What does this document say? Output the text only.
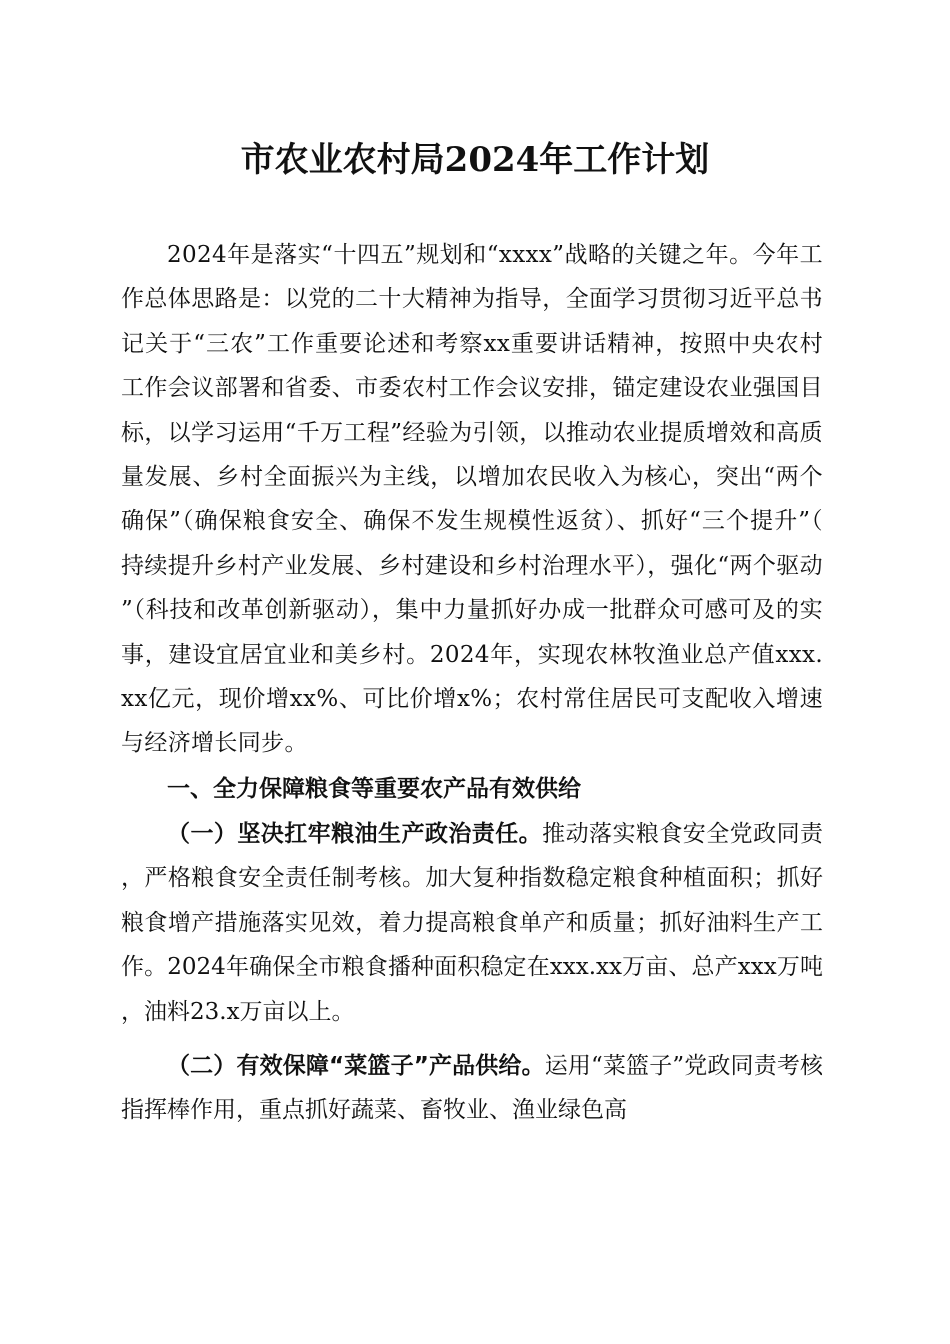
市农业农村局2024年工作计划

2024年是落实“十四五”规划和“xxxx”战略的关键之年。今年工作总体思路是：以党的二十大精神为指导，全面学习贯彻习近平总书记关于“三农”工作重要论述和考察xx重要讲话精神，按照中央农村工作会议部署和省委、市委农村工作会议安排，锚定建设农业强国目标，以学习运用“千万工程”经验为引领，以推动农业提质增效和高质量发展、乡村全面振兴为主线，以增加农民收入为核心，突出“两个确保”（确保粮食安全、确保不发生规模性返贫）、抓好“三个提升”（持续提升乡村产业发展、乡村建设和乡村治理水平），强化“两个驱动”（科技和改革创新驱动），集中力量抓好办成一批群众可感可及的实事，建设宜居宜业和美乡村。2024年，实现农林牧渔业总产值xxx.xx亿元，现价增xx%、可比价增x%；农村常住居民可支配收入增速与经济增长同步。

一、全力保障粮食等重要农产品有效供给

（一）坚决扛牢粮油生产政治责任。推动落实粮食安全党政同责，严格粮食安全责任制考核。加大复种指数稳定粮食种植面积；抓好粮食增产措施落实见效，着力提高粮食单产和质量；抓好油料生产工作。2024年确保全市粮食播种面积稳定在xxx.xx万亩、总产xxx万吨，油料23.x万亩以上。

（二）有效保障“菜篮子”产品供给。运用“菜篮子”党政同责考核指挥棒作用，重点抓好蔬菜、畜牧业、渔业绿色高
